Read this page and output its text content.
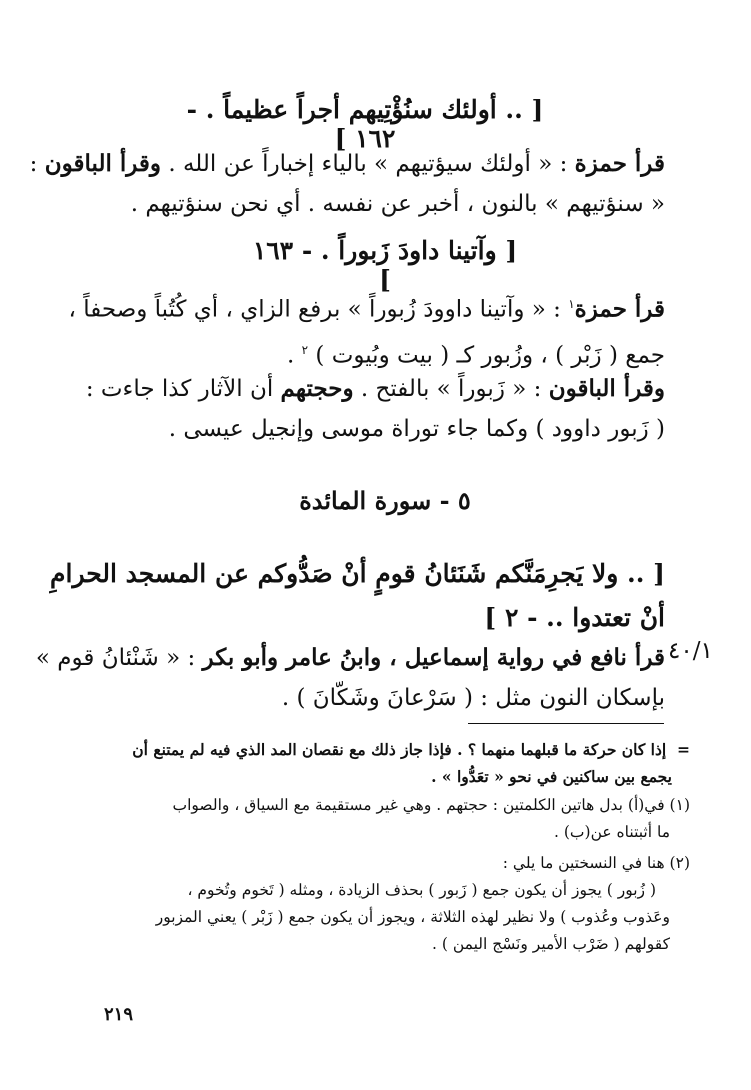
[ .. أولئك سنُؤْتِيهم أجراً عظيماً . - ١٦٢ ]
قرأ حمزة : « أولئك سيؤتيهم » بالياء إخباراً عن الله . وقرأ الباقون :
« سنؤتيهم » بالنون ، أخبر عن نفسه . أي نحن سنؤتيهم .
[ وآتينا داودَ زَبوراً . - ١٦٣ ]
قرأ حمزة$^١$ : « وآتينا داوودَ زُبوراً » برفع الزاي ، أي كُتُباً وصحفاً ،
جمع ( زَبْر ) ، وزُبور كـ ( بيت وبُيوت ) $^٢$ .
وقرأ الباقون : « زَبوراً » بالفتح . وحجتهم أن الآثار كذا جاءت :
( زَبور داوود ) وكما جاء توراة موسى وإنجيل عيسى .
٥ - سورة المائدة
[ .. ولا يَجرِمَنَّكم شَنَئانُ قومٍ أنْ صَدُّوكم عن المسجد الحرامِ
أنْ تعتدوا .. - ٢ ]
٤٠/١
قرأ نافع في رواية إسماعيل ، وابنُ عامر وأبو بكر : « شَنْئانُ قوم »
بإسكان النون مثل : ( سَرْعانَ وشَكّانَ ) .
=  إذا كان حركة ما قبلهما منهما ؟ . فإذا جاز ذلك مع نقصان المد الذي فيه لم يمتنع أن
يجمع بين ساكنين في نحو « تعَدُّوا » .
(١) في(أ) بدل هاتين الكلمتين : حجتهم . وهي غير مستقيمة مع السياق ، والصواب
ما أثبتناه عن(ب) .
(٢) هنا في النسختين ما يلي :
( زُبور ) يجوز أن يكون جمع ( زَبور ) بحذف الزيادة ، ومثله ( تَخوم وتُخوم ،
وعَذوب وعُذوب ) ولا نظير لهذه الثلاثة ، ويجوز أن يكون جمع ( زَبْر ) يعني المزبور
كقولهم ( ضَرْب الأمير ونَسْج اليمن ) .
٢١٩
